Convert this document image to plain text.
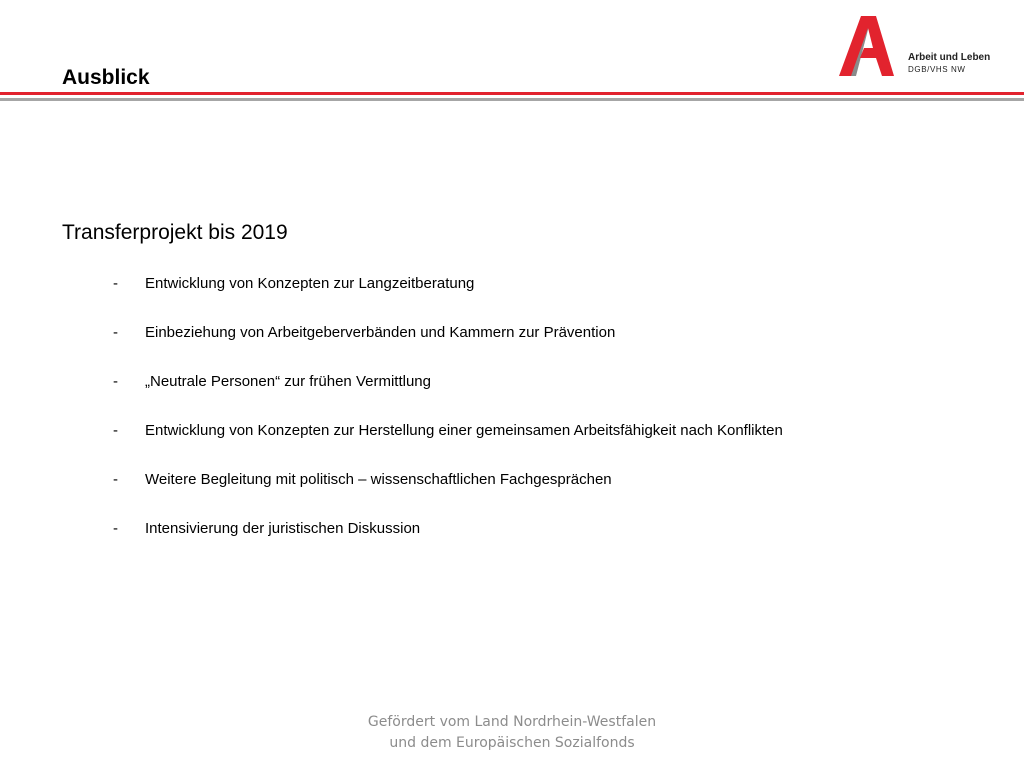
Arbeit und Leben
DGB/VHS NW
Ausblick
Transferprojekt bis 2019
- Entwicklung von Konzepten zur Langzeitberatung
- Einbeziehung von Arbeitgeberverbänden und Kammern zur Prävention
- „Neutrale Personen“ zur frühen Vermittlung
- Entwicklung von Konzepten zur Herstellung einer gemeinsamen Arbeitsfähigkeit nach Konflikten
- Weitere Begleitung mit politisch – wissenschaftlichen Fachgesprächen
- Intensivierung der juristischen Diskussion
Gefördert vom Land Nordrhein-Westfalen
und dem Europäischen Sozialfonds
